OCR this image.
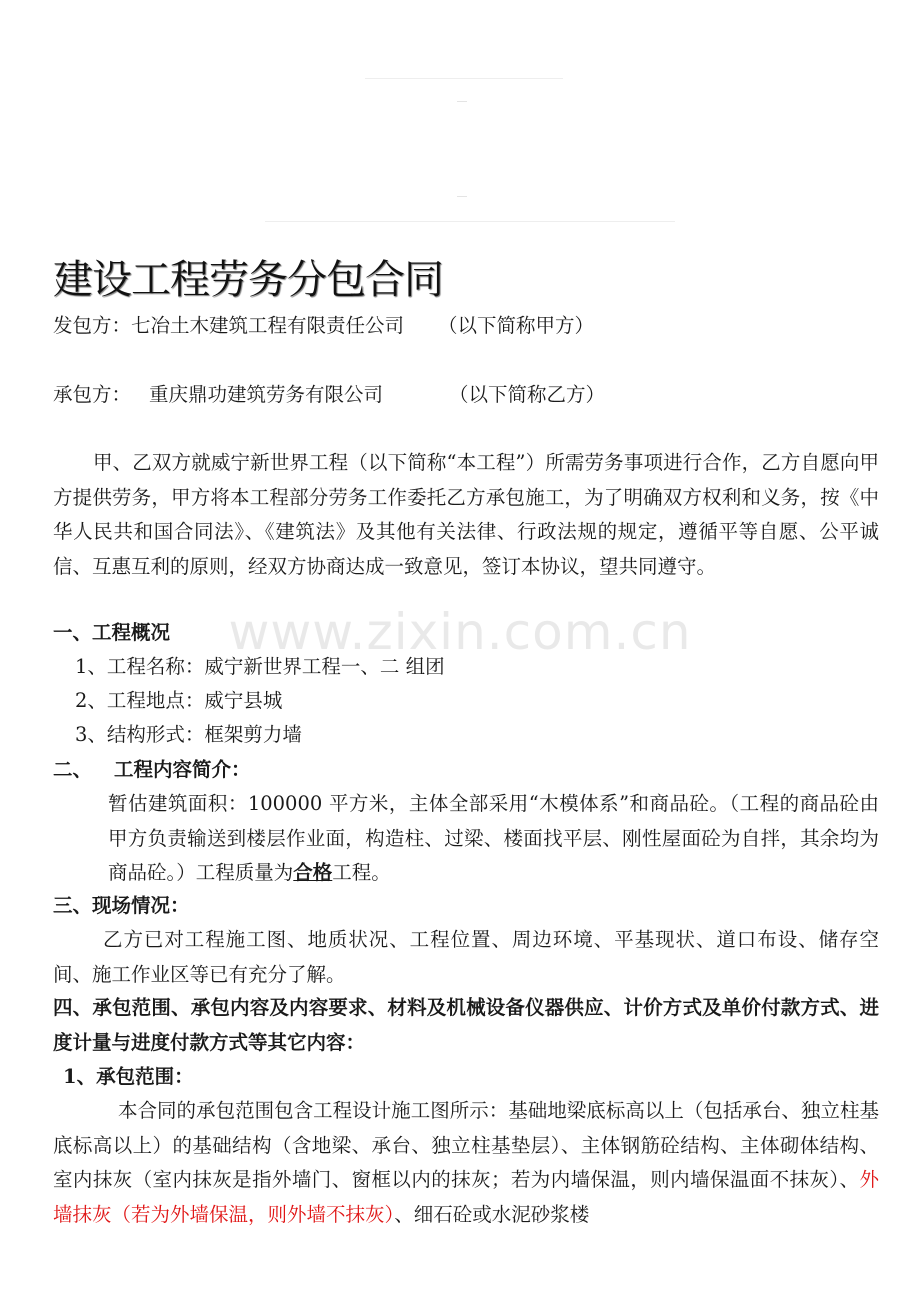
建设工程劳务分包合同
发包方：七冶土木建筑工程有限责任公司 （以下简称甲方）
承包方： 重庆鼎功建筑劳务有限公司	（以下简称乙方）
甲、乙双方就威宁新世界工程（以下简称“本工程”）所需劳务事项进行合作，乙方自愿向甲方提供劳务，甲方将本工程部分劳务工作委托乙方承包施工，为了明确双方权利和义务，按《中华人民共和国合同法》、《建筑法》及其他有关法律、行政法规的规定，遵循平等自愿、公平诚信、互惠互利的原则，经双方协商达成一致意见，签订本协议，望共同遵守。
一、工程概况
1、工程名称：威宁新世界工程一、二 组团
2、工程地点：威宁县城
3、结构形式：框架剪力墙
二、 工程内容简介：
暂估建筑面积：100000 平方米，主体全部采用“木模体系”和商品砼。（工程的商品砼由甲方负责输送到楼层作业面，构造柱、过梁、楼面找平层、刚性屋面砼为自拌，其余均为商品砼。）工程质量为合格工程。
三、现场情况：
乙方已对工程施工图、地质状况、工程位置、周边环境、平基现状、道口布设、储存空间、施工作业区等已有充分了解。
四、承包范围、承包内容及内容要求、材料及机械设备仪器供应、计价方式及单价付款方式、进度计量与进度付款方式等其它内容：
1、承包范围：
本合同的承包范围包含工程设计施工图所示：基础地梁底标高以上（包括承台、独立柱基底标高以上）的基础结构（含地梁、承台、独立柱基垫层）、主体钢筋砼结构、主体砌体结构、室内抹灰（室内抹灰是指外墙门、窗框以内的抹灰；若为内墙保温，则内墙保温面不抹灰）、外墙抹灰（若为外墙保温，则外墙不抹灰）、细石砼或水泥砂浆楼
www.zixin.com.cn
